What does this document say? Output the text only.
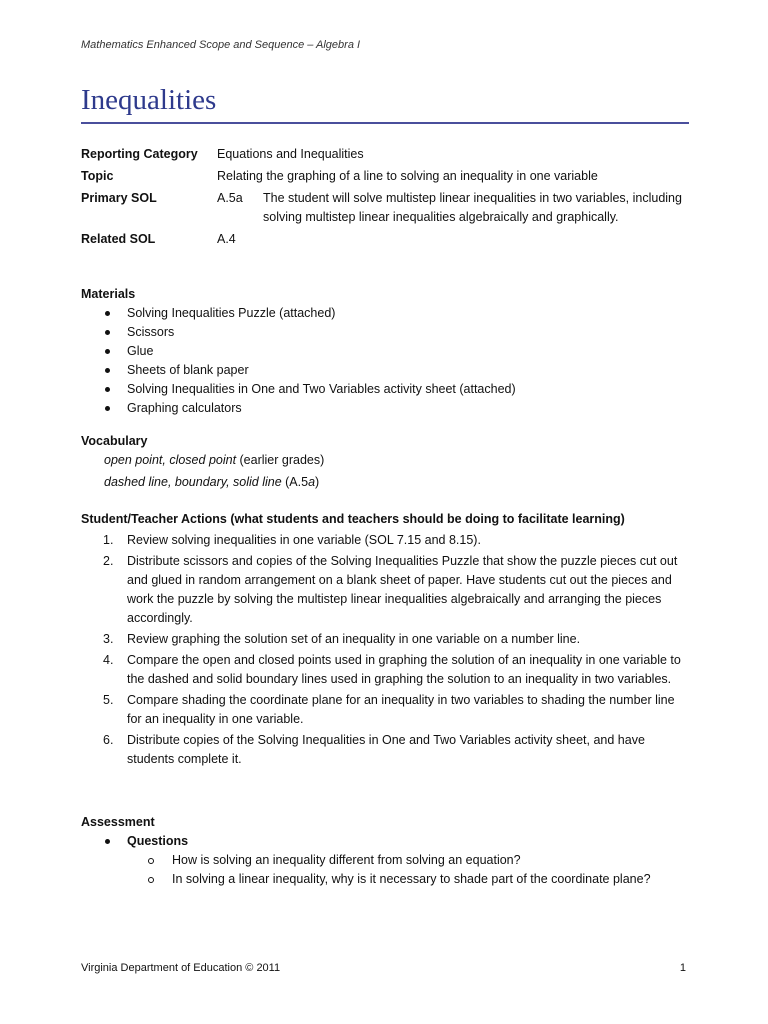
Mathematics Enhanced Scope and Sequence – Algebra I
Inequalities
Reporting Category	Equations and Inequalities
Topic	Relating the graphing of a line to solving an inequality in one variable
Primary SOL	A.5a	The student will solve multistep linear inequalities in two variables, including solving multistep linear inequalities algebraically and graphically.
Related SOL	A.4
Materials
Solving Inequalities Puzzle (attached)
Scissors
Glue
Sheets of blank paper
Solving Inequalities in One and Two Variables activity sheet (attached)
Graphing calculators
Vocabulary
open point, closed point (earlier grades)
dashed line, boundary, solid line (A.5a)
Student/Teacher Actions (what students and teachers should be doing to facilitate learning)
1. Review solving inequalities in one variable (SOL 7.15 and 8.15).
2. Distribute scissors and copies of the Solving Inequalities Puzzle that show the puzzle pieces cut out and glued in random arrangement on a blank sheet of paper. Have students cut out the pieces and work the puzzle by solving the multistep linear inequalities algebraically and arranging the pieces accordingly.
3. Review graphing the solution set of an inequality in one variable on a number line.
4. Compare the open and closed points used in graphing the solution of an inequality in one variable to the dashed and solid boundary lines used in graphing the solution to an inequality in two variables.
5. Compare shading the coordinate plane for an inequality in two variables to shading the number line for an inequality in one variable.
6. Distribute copies of the Solving Inequalities in One and Two Variables activity sheet, and have students complete it.
Assessment
Questions
How is solving an inequality different from solving an equation?
In solving a linear inequality, why is it necessary to shade part of the coordinate plane?
Virginia Department of Education © 2011	1
